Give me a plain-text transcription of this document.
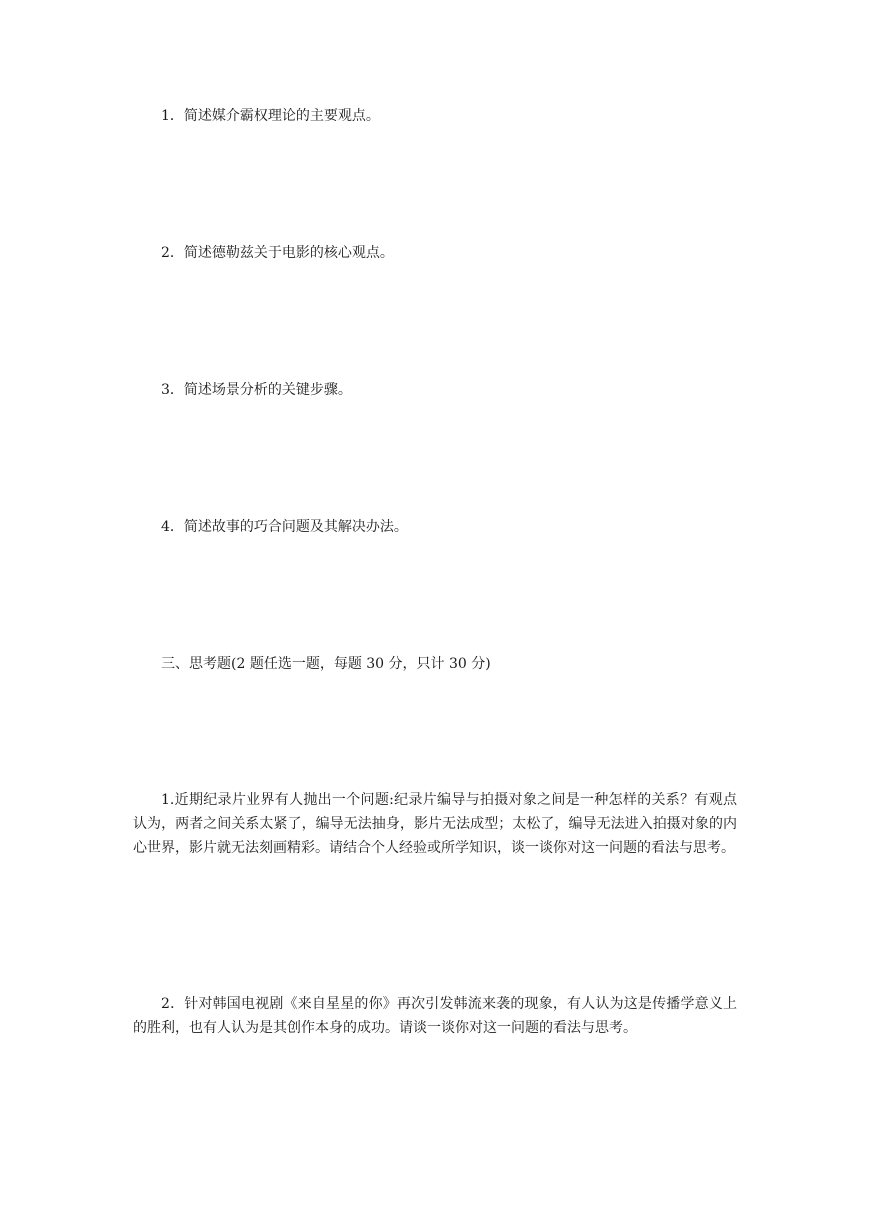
1．简述媒介霸权理论的主要观点。
2．简述德勒兹关于电影的核心观点。
3．简述场景分析的关键步骤。
4．简述故事的巧合问题及其解决办法。
三、思考题(2 题任选一题，每题 30 分，只计 30 分)
1.近期纪录片业界有人抛出一个问题:纪录片编导与拍摄对象之间是一种怎样的关系？有观点认为，两者之间关系太紧了，编导无法抽身，影片无法成型；太松了，编导无法进入拍摄对象的内心世界，影片就无法刻画精彩。请结合个人经验或所学知识，谈一谈你对这一问题的看法与思考。
2．针对韩国电视剧《来自星星的你》再次引发韩流来袭的现象，有人认为这是传播学意义上的胜利，也有人认为是其创作本身的成功。请谈一谈你对这一问题的看法与思考。
